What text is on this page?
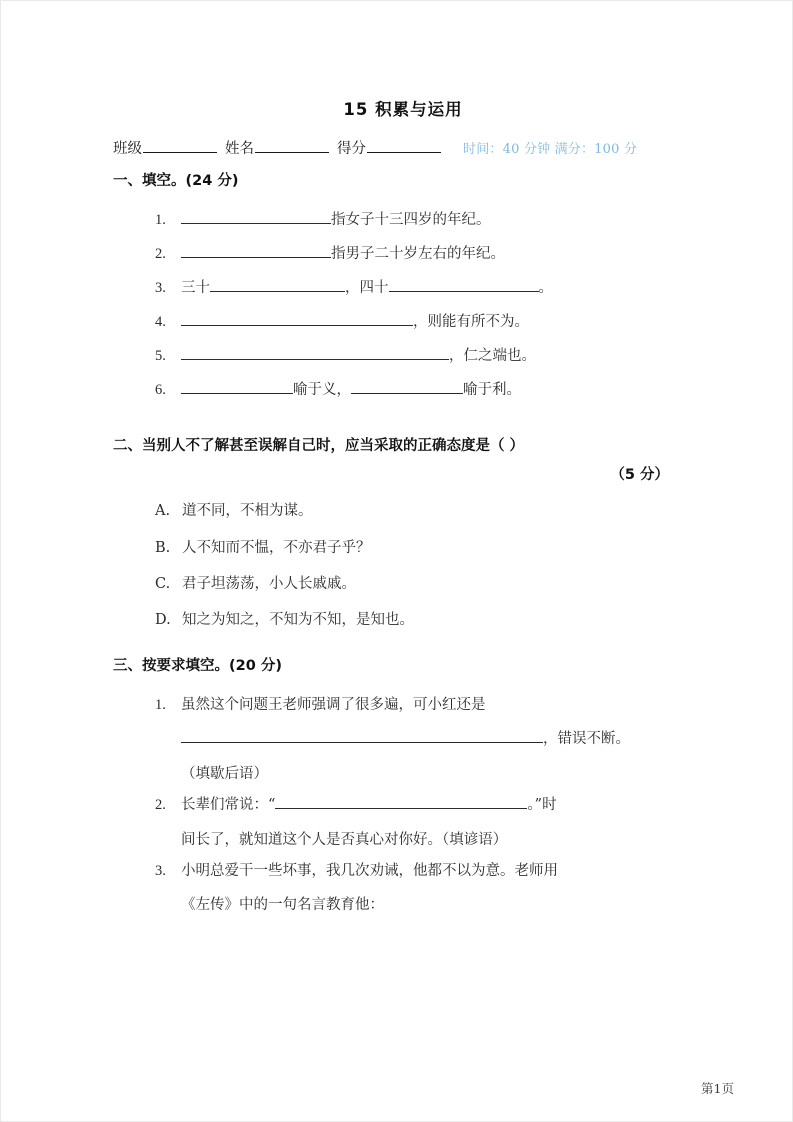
15 积累与运用
班级	姓名	得分	时间：40 分钟 满分：100 分
一、填空。(24 分)
1.	指女子十三四岁的年纪。
2.	指男子二十岁左右的年纪。
3.	三十	，四十	。
4.	，则能有所不为。
5.	，仁之端也。
6.	喻于义，	喻于利。
二、当别人不了解甚至误解自己时，应当采取的正确态度是（ ）
（5 分）
A. 道不同，不相为谋。
B. 人不知而不愠，不亦君子乎？
C. 君子坦荡荡，小人长戚戚。
D. 知之为知之，不知为不知，是知也。
三、按要求填空。(20 分)
1.	虽然这个问题王老师强调了很多遍，可小红还是
，错误不断。
（填歇后语）
2.	长辈们常说：“	。”时
间长了，就知道这个人是否真心对你好。（填谚语）
3.	小明总爱干一些坏事，我几次劝诫，他都不以为意。老师用
《左传》中的一句名言教育他：
第1页
